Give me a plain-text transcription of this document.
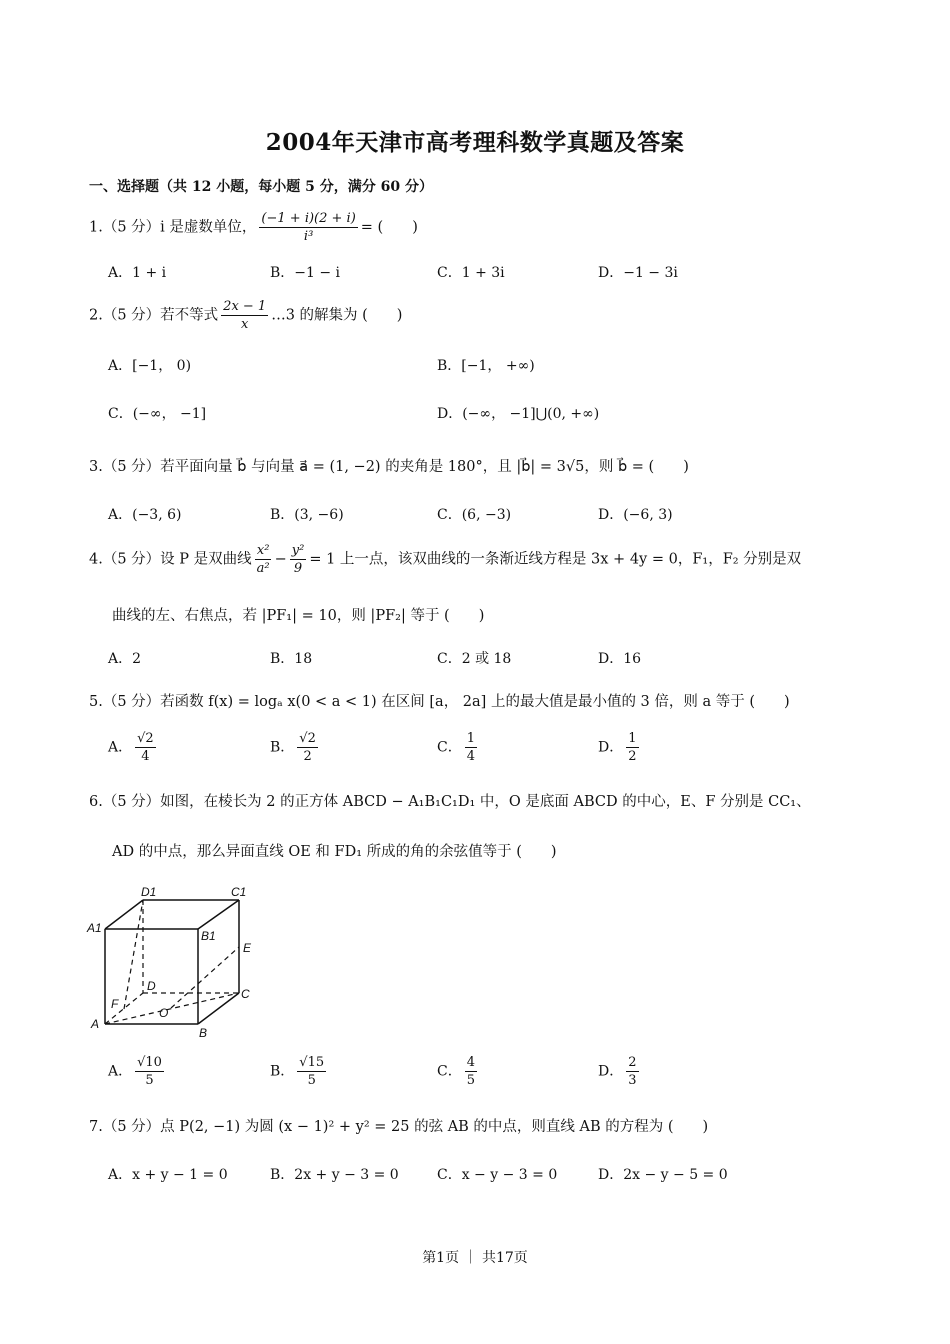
2004年天津市高考理科数学真题及答案
一、选择题（共 12 小题，每小题 5 分，满分 60 分）
1.（5 分）i 是虚数单位， $\frac{(-1 + i)(2 + i)}{\text{i³}}$ = (　　)
A．1 + i	B．−1 − i	C．1 + 3i	D．−1 − 3i
2.（5 分）若不等式 $\frac{2x - 1}{x}$ …3 的解集为 (　　)
A．[−1， 0)	B．[−1， +∞)
C．(−∞， −1]	D．(−∞， −1]⋃(0, +∞)
3.（5 分）若平面向量 b⃗ 与向量 a⃗ = (1, −2) 的夹角是 180°，且 |b⃗| = 3√5，则 b⃗ = (　　)
A．(−3, 6)	B．(3, −6)	C．(6, −3)	D．(−6, 3)
4.（5 分）设 P 是双曲线 $\frac{\text{x²}}{\text{a²}} - \frac{\text{y²}}{9} = 1$ 上一点，该双曲线的一条渐近线方程是 3x + 4y = 0，F₁，F₂ 分别是双
曲线的左、右焦点，若 |PF₁| = 10，则 |PF₂| 等于 (　　)
A．2	B．18	C．2 或 18	D．16
5.（5 分）若函数 f(x) = logₐ x(0 < a < 1) 在区间 [a， 2a] 上的最大值是最小值的 3 倍，则 a 等于 (　　)
A． $\frac{√2}{4}$	B． $\frac{√2}{2}$	C． $\frac{1}{4}$	D． $\frac{1}{2}$
6.（5 分）如图，在棱长为 2 的正方体 ABCD − A₁B₁C₁D₁ 中，O 是底面 ABCD 的中心，E、F 分别是 CC₁、
AD 的中点，那么异面直线 OE 和 FD₁ 所成的角的余弦值等于 (　　)
D1	C1
A1
B1
E
D
C
F
O
A
B
A． $\frac{√10}{5}$	B． $\frac{√15}{5}$	C． $\frac{4}{5}$	D． $\frac{2}{3}$
7.（5 分）点 P(2, −1) 为圆 (x − 1)² + y² = 25 的弦 AB 的中点，则直线 AB 的方程为 (　　)
A．x + y − 1 = 0	B．2x + y − 3 = 0	C．x − y − 3 = 0	D．2x − y − 5 = 0
第1页 ｜ 共17页
